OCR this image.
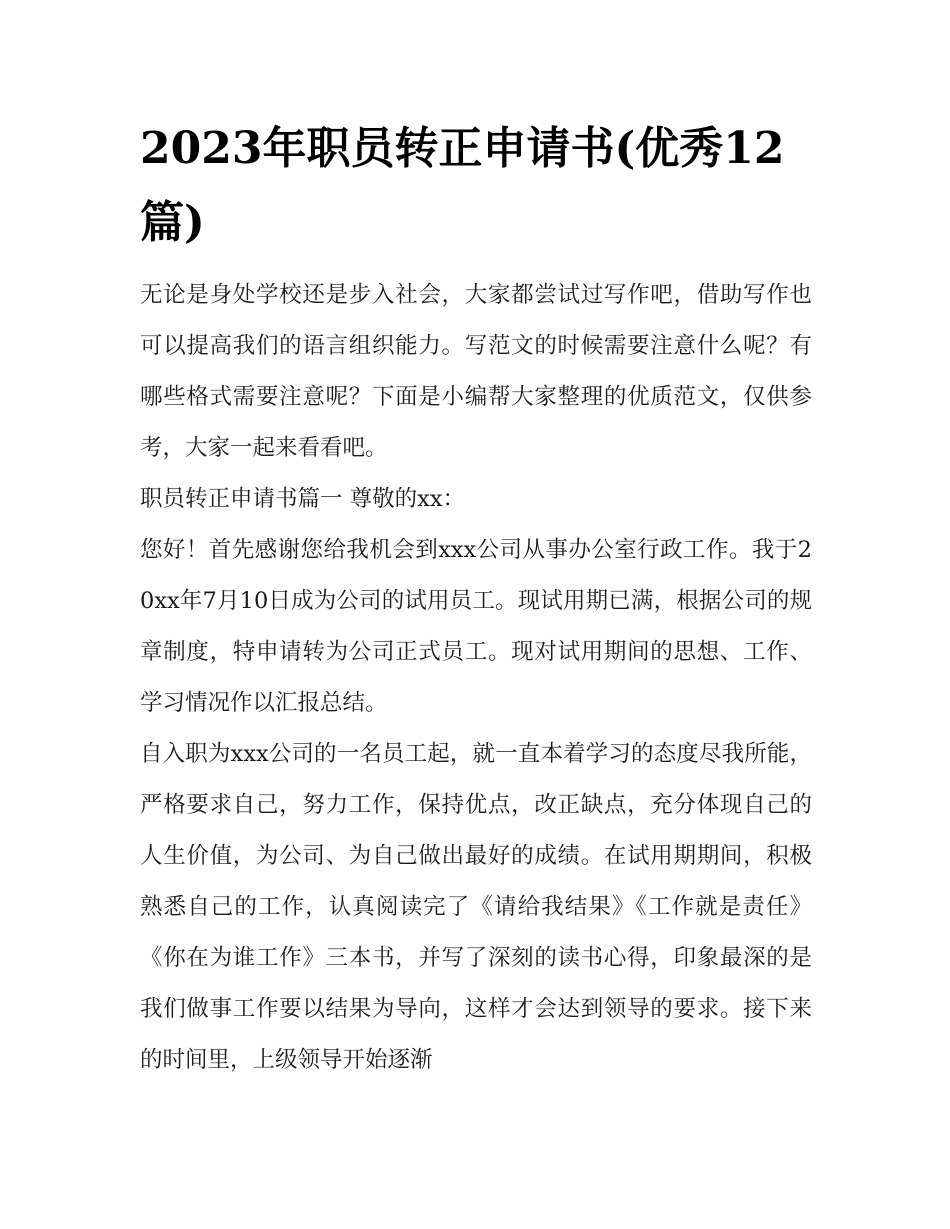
2023年职员转正申请书(优秀12篇)

无论是身处学校还是步入社会，大家都尝试过写作吧，借助写作也可以提高我们的语言组织能力。写范文的时候需要注意什么呢？有哪些格式需要注意呢？下面是小编帮大家整理的优质范文，仅供参考，大家一起来看看吧。

职员转正申请书篇一 尊敬的xx：

您好！首先感谢您给我机会到xxx公司从事办公室行政工作。我于20xx年7月10日成为公司的试用员工。现试用期已满，根据公司的规章制度，特申请转为公司正式员工。现对试用期间的思想、工作、学习情况作以汇报总结。

自入职为xxx公司的一名员工起，就一直本着学习的态度尽我所能，严格要求自己，努力工作，保持优点，改正缺点，充分体现自己的人生价值，为公司、为自己做出最好的成绩。在试用期期间，积极熟悉自己的工作，认真阅读完了《请给我结果》《工作就是责任》《你在为谁工作》三本书，并写了深刻的读书心得，印象最深的是我们做事工作要以结果为导向，这样才会达到领导的要求。接下来的时间里，上级领导开始逐渐
